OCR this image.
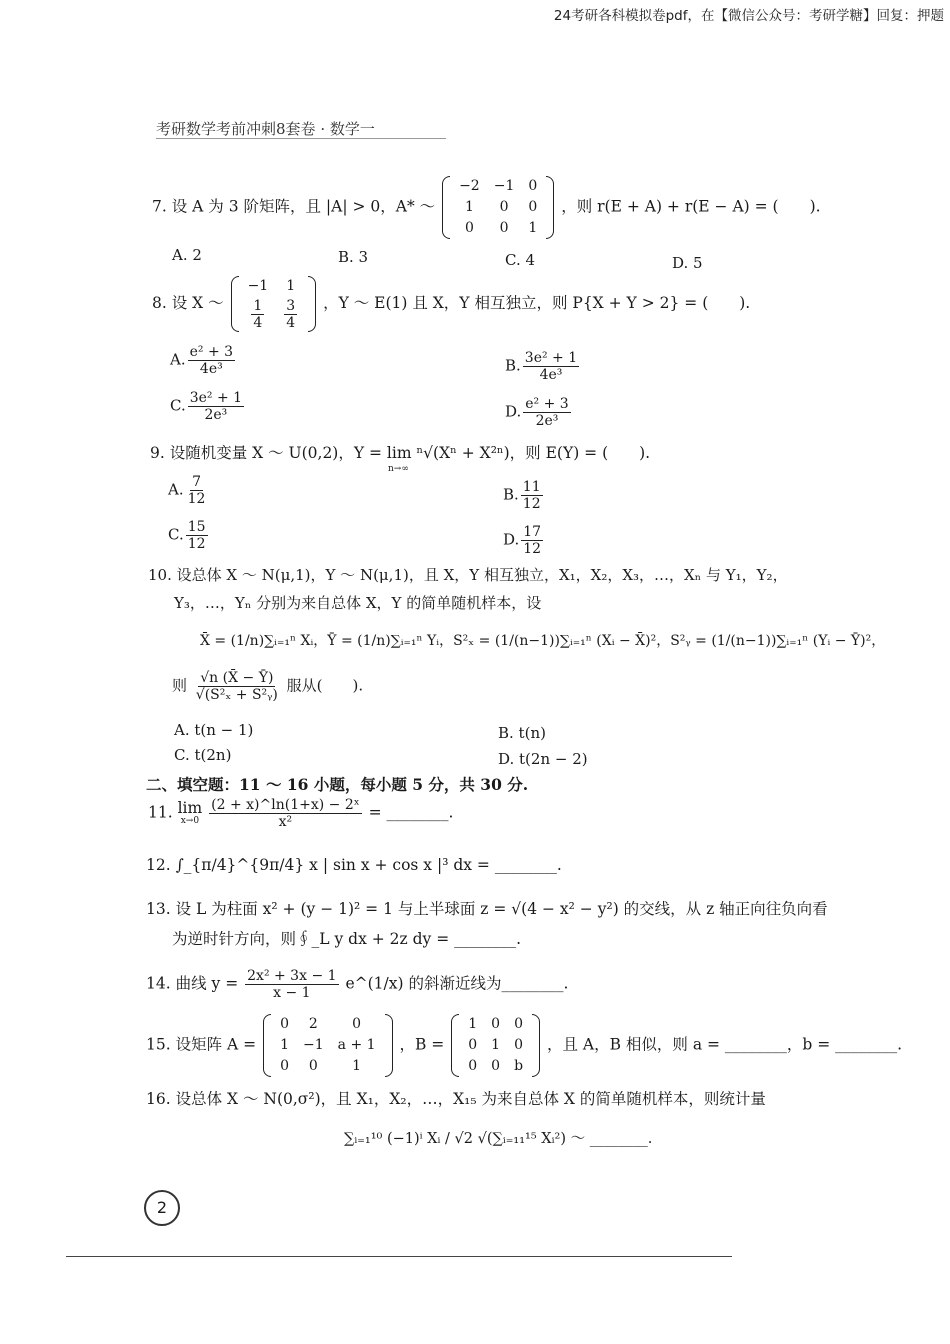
24考研各科模拟卷pdf，在【微信公众号：考研学糖】回复：押题
考研数学考前冲刺8套卷 · 数学一
7. 设 A 为 3 阶矩阵，且 |A| > 0，A* ～
−2	−1	0
1	0	0
0	0	1
，则 r(E + A) + r(E − A) = (　　).
A. 2	B. 3	C. 4	D. 5
8. 设 X ～
−1	1
$\frac{1}{4} \frac{3}{4}$ ，Y ～ E(1) 且 X，Y 相互独立，则 P{X + Y > 2} = (　　).
A. $\frac{\text{e² + 3}}{\text{4e³}}$	B. $\frac{\text{3e² + 1}}{\text{4e³}}$
C. $\frac{\text{3e² + 1}}{\text{2e³}}$	D. $\frac{\text{e² + 3}}{\text{2e³}}$
9. 设随机变量 X ～ U(0,2)，Y = lim ⁿ√(Xⁿ + X²ⁿ)，则 E(Y) = (　　).
n→∞
A. $\frac{7}{12}$	B. $\frac{11}{12}$
C. $\frac{15}{12}$	D. $\frac{17}{12}$
10. 设总体 X ～ N(μ,1)，Y ～ N(μ,1)，且 X，Y 相互独立，X₁，X₂，X₃，…，Xₙ 与 Y₁，Y₂，
Y₃，…，Yₙ 分别为来自总体 X，Y 的简单随机样本，设
X̄ = (1/n)∑ᵢ₌₁ⁿ Xᵢ，Ȳ = (1/n)∑ᵢ₌₁ⁿ Yᵢ，S²ₓ = (1/(n−1))∑ᵢ₌₁ⁿ (Xᵢ − X̄)²，S²ᵧ = (1/(n−1))∑ᵢ₌₁ⁿ (Yᵢ − Ȳ)²，
则 $\frac{√n (X̄ - Ȳ)}{\text{√(S²ₓ + S²ᵧ)}}$ 服从(　　).
A. t(n − 1)	B. t(n)
C. t(2n)	D. t(2n − 2)
二、填空题：11 ～ 16 小题，每小题 5 分，共 30 分.
11. lim
x→0
$\frac{\text{(2 + x)\textasciicircum{}ln(1+x) − 2ˣ}}{\text{x²}}$ = ________.
12. ∫_{π/4}^{9π/4} x | sin x + cos x |³ dx = ________.
13. 设 L 为柱面 x² + (y − 1)² = 1 与上半球面 z = √(4 − x² − y²) 的交线，从 z 轴正向往负向看
为逆时针方向，则∮_L y dx + 2z dy = ________.
14. 曲线 $y = \frac{\text{2x² + 3x − 1}}{x - 1}$ e^(1/x) 的斜渐近线为________.
15. 设矩阵 A =
0	2	0
1	−1	a + 1
0	0	1
，B =
1	0	0
0	1	0
0	0	b
，且 A，B 相似，则 a = ________，b = ________.
16. 设总体 X ～ N(0,σ²)，且 X₁，X₂，…，X₁₅ 为来自总体 X 的简单随机样本，则统计量
∑ᵢ₌₁¹⁰ (−1)ⁱ Xᵢ / √2 √(∑ᵢ₌₁₁¹⁵ Xᵢ²) ～ ________.
2
